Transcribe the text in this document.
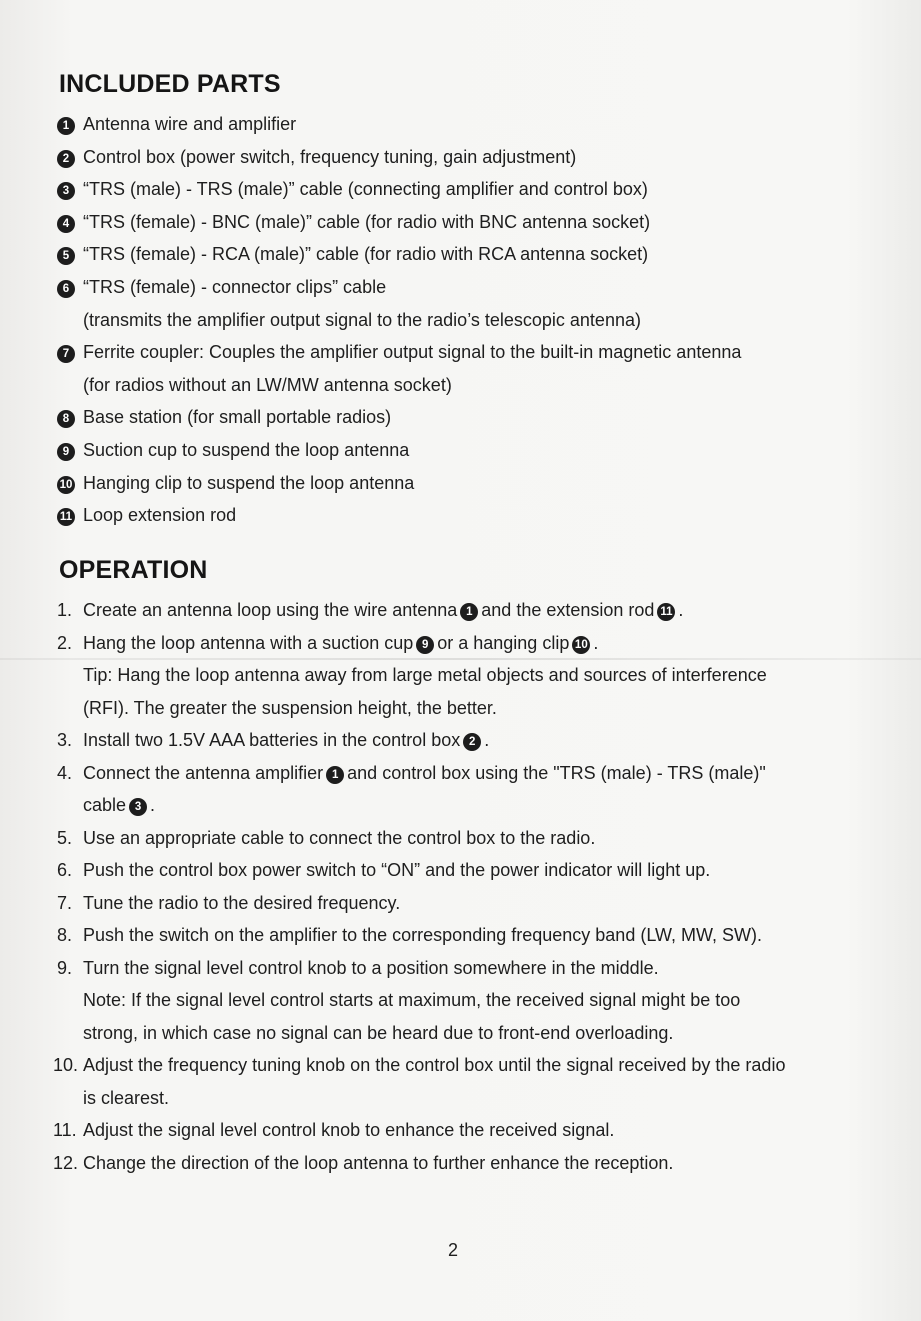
INCLUDED PARTS
1 Antenna wire and amplifier
2 Control box (power switch, frequency tuning, gain adjustment)
3 “TRS (male) - TRS (male)” cable (connecting amplifier and control box)
4 “TRS (female) - BNC (male)” cable (for radio with BNC antenna socket)
5 “TRS (female) - RCA (male)” cable (for radio with RCA antenna socket)
6 “TRS (female) - connector clips” cable
(transmits the amplifier output signal to the radio’s telescopic antenna)
7 Ferrite coupler: Couples the amplifier output signal to the built-in magnetic antenna
(for radios without an LW/MW antenna socket)
8 Base station (for small portable radios)
9 Suction cup to suspend the loop antenna
10 Hanging clip to suspend the loop antenna
11 Loop extension rod
OPERATION
1. Create an antenna loop using the wire antenna 1 and the extension rod 11 .
2. Hang the loop antenna with a suction cup 9 or a hanging clip 10 .
Tip: Hang the loop antenna away from large metal objects and sources of interference
(RFI). The greater the suspension height, the better.
3. Install two 1.5V AAA batteries in the control box 2 .
4. Connect the antenna amplifier 1 and control box using the "TRS (male) - TRS (male)"
cable 3 .
5. Use an appropriate cable to connect the control box to the radio.
6. Push the control box power switch to “ON” and the power indicator will light up.
7. Tune the radio to the desired frequency.
8. Push the switch on the amplifier to the corresponding frequency band (LW, MW, SW).
9. Turn the signal level control knob to a position somewhere in the middle.
Note: If the signal level control starts at maximum, the received signal might be too
strong, in which case no signal can be heard due to front-end overloading.
10. Adjust the frequency tuning knob on the control box until the signal received by the radio
is clearest.
11. Adjust the signal level control knob to enhance the received signal.
12. Change the direction of the loop antenna to further enhance the reception.
2
